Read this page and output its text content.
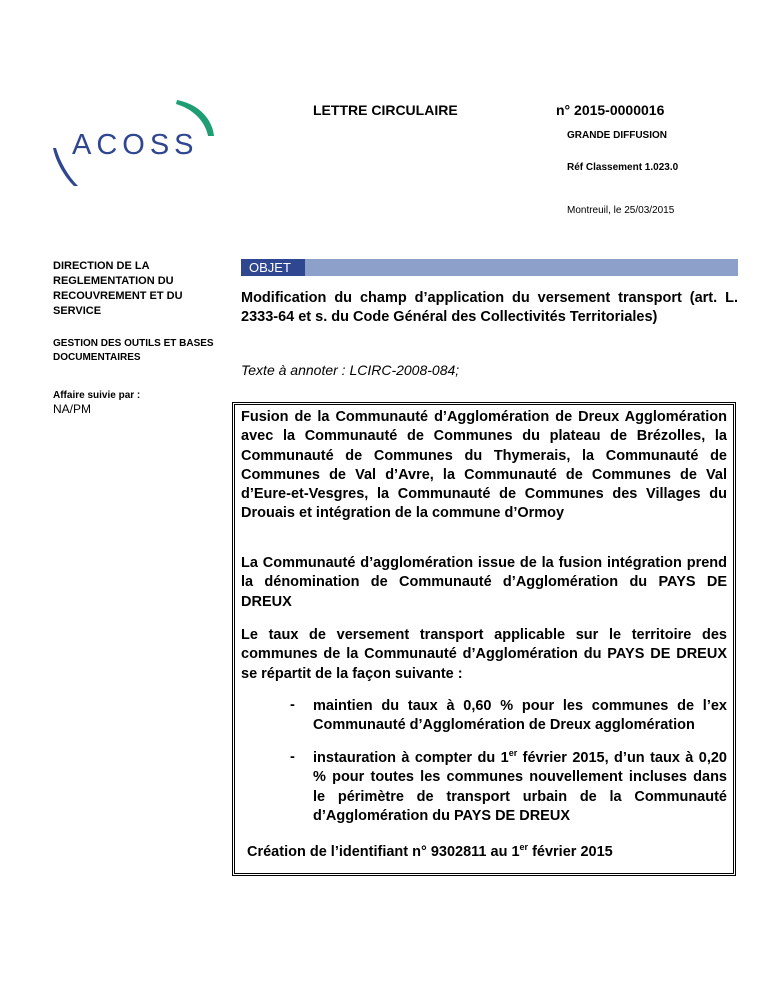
ACOSS
LETTRE CIRCULAIRE	n° 2015-0000016
GRANDE DIFFUSION
Réf Classement 1.023.0
Montreuil, le 25/03/2015
DIRECTION DE LA REGLEMENTATION DU RECOUVREMENT ET DU SERVICE
GESTION DES OUTILS ET BASES DOCUMENTAIRES
Affaire suivie par :
NA/PM
OBJET
Modification du champ d’application du versement transport (art. L. 2333-64 et s. du Code Général des Collectivités Territoriales)
Texte à annoter : LCIRC-2008-084;
Fusion de la Communauté d’Agglomération de Dreux Agglomération avec la Communauté de Communes du plateau de Brézolles, la Communauté de Communes du Thymerais, la Communauté de Communes de Val d’Avre, la Communauté de Communes de Val d’Eure-et-Vesgres, la Communauté de Communes des Villages du Drouais et intégration de la commune d’Ormoy
La Communauté d’agglomération issue de la fusion intégration prend la dénomination de Communauté d’Agglomération du PAYS DE DREUX
Le taux de versement transport applicable sur le territoire des communes de la Communauté d’Agglomération du PAYS DE DREUX se répartit de la façon suivante :
- maintien du taux à 0,60 % pour les communes de l’ex Communauté d’Agglomération de Dreux agglomération
- instauration à compter du 1er février 2015, d’un taux à 0,20 % pour toutes les communes nouvellement incluses dans le périmètre de transport urbain de la Communauté d’Agglomération du PAYS DE DREUX
Création de l’identifiant n° 9302811 au 1er février 2015
